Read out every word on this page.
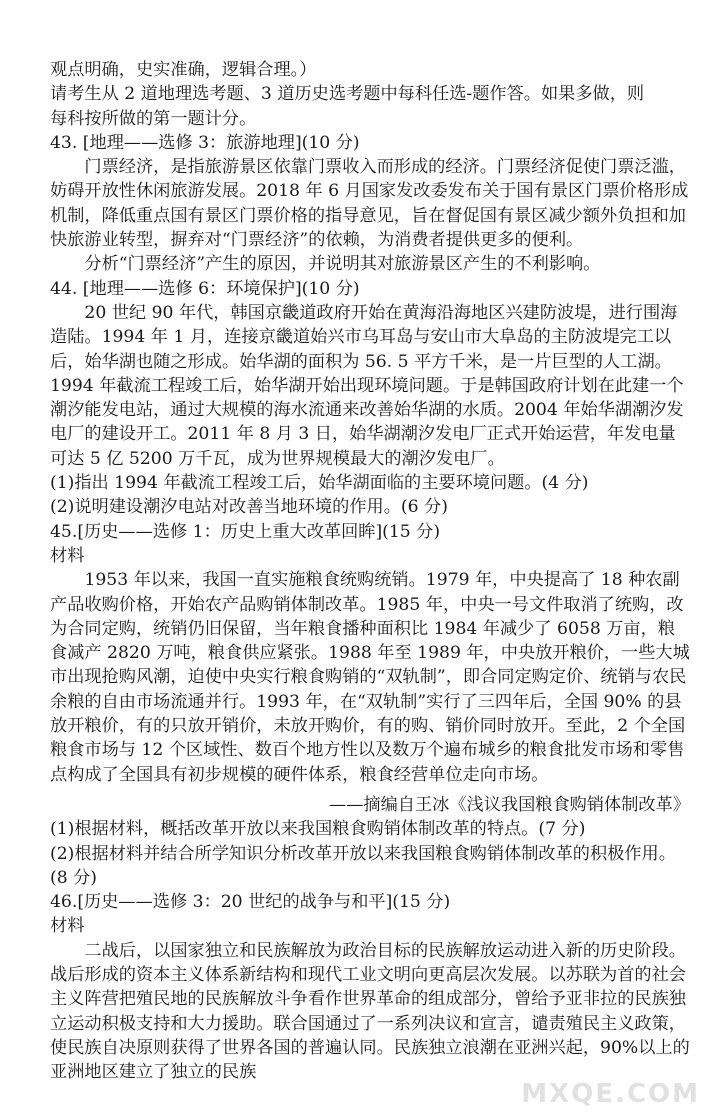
观点明确，史实准确，逻辑合理。）
请考生从 2 道地理选考题、3 道历史选考题中每科任选-题作答。如果多做，则
每科按所做的第一题计分。
43. [地理——选修 3：旅游地理](10 分)

门票经济，是指旅游景区依靠门票收入而形成的经济。门票经济促使门票泛滥，妨碍开放性休闲旅游发展。2018 年 6 月国家发改委发布关于国有景区门票价格形成机制，降低重点国有景区门票价格的指导意见，旨在督促国有景区减少额外负担和加快旅游业转型，摒弃对“门票经济”的依赖，为消费者提供更多的便利。

分析“门票经济”产生的原因，并说明其对旅游景区产生的不利影响。

44. [地理——选修 6：环境保护](10 分)

20 世纪 90 年代，韩国京畿道政府开始在黄海沿海地区兴建防波堤，进行围海造陆。1994 年 1 月，连接京畿道始兴市乌耳岛与安山市大阜岛的主防波堤完工以后，始华湖也随之形成。始华湖的面积为 56. 5 平方千米，是一片巨型的人工湖。1994 年截流工程竣工后，始华湖开始出现环境问题。于是韩国政府计划在此建一个潮汐能发电站，通过大规模的海水流通来改善始华湖的水质。2004 年始华湖潮汐发电厂的建设开工。2011 年 8 月 3 日，始华湖潮汐发电厂正式开始运营，年发电量可达 5 亿 5200 万千瓦，成为世界规模最大的潮汐发电厂。

(1)指出 1994 年截流工程竣工后，始华湖面临的主要环境问题。(4 分)
(2)说明建设潮汐电站对改善当地环境的作用。(6 分)
45.[历史——选修 1：历史上重大改革回眸](15 分)
材料

1953 年以来，我国一直实施粮食统购统销。1979 年，中央提高了 18 种农副产品收购价格，开始农产品购销体制改革。1985 年，中央一号文件取消了统购，改为合同定购，统销仍旧保留，当年粮食播种面积比 1984 年减少了 6058 万亩，粮食减产 2820 万吨，粮食供应紧张。1988 年至 1989 年，中央放开粮价，一些大城市出现抢购风潮，迫使中央实行粮食购销的“双轨制”，即合同定购定价、统销与农民余粮的自由市场流通并行。1993 年，在“双轨制”实行了三四年后，全国 90% 的县放开粮价，有的只放开销价，未放开购价，有的购、销价同时放开。至此，2 个全国粮食市场与 12 个区域性、数百个地方性以及数万个遍布城乡的粮食批发市场和零售点构成了全国具有初步规模的硬件体系，粮食经营单位走向市场。

——摘编自王冰《浅议我国粮食购销体制改革》
(1)根据材料，概括改革开放以来我国粮食购销体制改革的特点。(7 分)
(2)根据材料并结合所学知识分析改革开放以来我国粮食购销体制改革的积极作用。(8 分)
46.[历史——选修 3：20 世纪的战争与和平](15 分)
材料

二战后，以国家独立和民族解放为政治目标的民族解放运动进入新的历史阶段。战后形成的资本主义体系新结构和现代工业文明向更高层次发展。以苏联为首的社会主义阵营把殖民地的民族解放斗争看作世界革命的组成部分，曾给予亚非拉的民族独立运动积极支持和大力援助。联合国通过了一系列决议和宣言，谴责殖民主义政策，使民族自决原则获得了世界各国的普遍认同。民族独立浪潮在亚洲兴起，90%以上的亚洲地区建立了独立的民族

MXQE.COM
